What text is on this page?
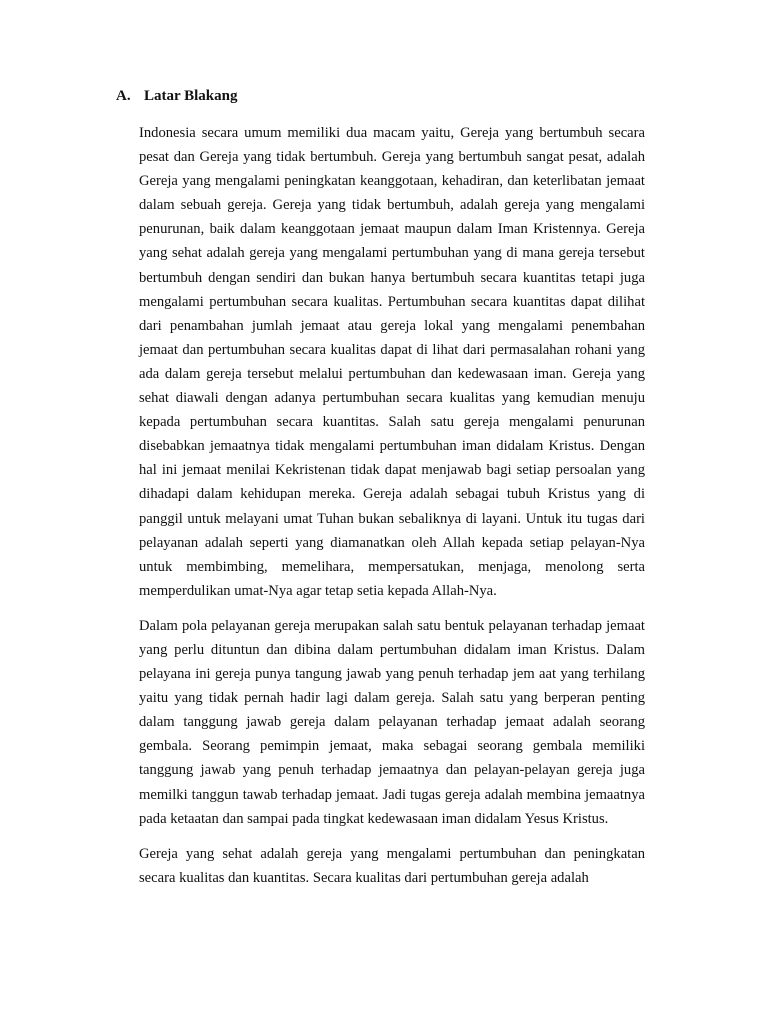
A. Latar Blakang

Indonesia secara umum memiliki dua macam yaitu, Gereja yang bertumbuh secara pesat dan Gereja yang tidak bertumbuh. Gereja yang bertumbuh sangat pesat, adalah Gereja yang mengalami peningkatan keanggotaan, kehadiran, dan keterlibatan jemaat dalam sebuah gereja. Gereja yang tidak bertumbuh, adalah gereja yang mengalami penurunan, baik dalam keanggotaan jemaat maupun dalam Iman Kristennya. Gereja yang sehat adalah gereja yang mengalami pertumbuhan yang di mana gereja tersebut bertumbuh dengan sendiri dan bukan hanya bertumbuh secara kuantitas tetapi juga mengalami pertumbuhan secara kualitas. Pertumbuhan secara kuantitas dapat dilihat dari penambahan jumlah jemaat atau gereja lokal yang mengalami penembahan jemaat dan pertumbuhan secara kualitas dapat di lihat dari permasalahan rohani yang ada dalam gereja tersebut melalui pertumbuhan dan kedewasaan iman. Gereja yang sehat diawali dengan adanya pertumbuhan secara kualitas yang kemudian menuju kepada pertumbuhan secara kuantitas. Salah satu gereja mengalami penurunan disebabkan jemaatnya tidak mengalami pertumbuhan iman didalam Kristus. Dengan hal ini jemaat menilai Kekristenan tidak dapat menjawab bagi setiap persoalan yang dihadapi dalam kehidupan mereka. Gereja adalah sebagai tubuh Kristus yang di panggil untuk melayani umat Tuhan bukan sebaliknya di layani. Untuk itu tugas dari pelayanan adalah seperti yang diamanatkan oleh Allah kepada setiap pelayan-Nya untuk membimbing, memelihara, mempersatukan, menjaga, menolong serta memperdulikan umat-Nya agar tetap setia kepada Allah-Nya.

Dalam pola pelayanan gereja merupakan salah satu bentuk pelayanan terhadap jemaat yang perlu dituntun dan dibina dalam pertumbuhan didalam iman Kristus. Dalam pelayana ini gereja punya tangung jawab yang penuh terhadap jem aat yang terhilang yaitu yang tidak pernah hadir lagi dalam gereja. Salah satu yang berperan penting dalam tanggung jawab gereja dalam pelayanan terhadap jemaat adalah seorang gembala. Seorang pemimpin jemaat, maka sebagai seorang gembala memiliki tanggung jawab yang penuh terhadap jemaatnya dan pelayan-pelayan gereja juga memilki tanggun tawab terhadap jemaat. Jadi tugas gereja adalah membina jemaatnya pada ketaatan dan sampai pada tingkat kedewasaan iman didalam Yesus Kristus.

Gereja yang sehat adalah gereja yang mengalami pertumbuhan dan peningkatan secara kualitas dan kuantitas. Secara kualitas dari pertumbuhan gereja adalah
